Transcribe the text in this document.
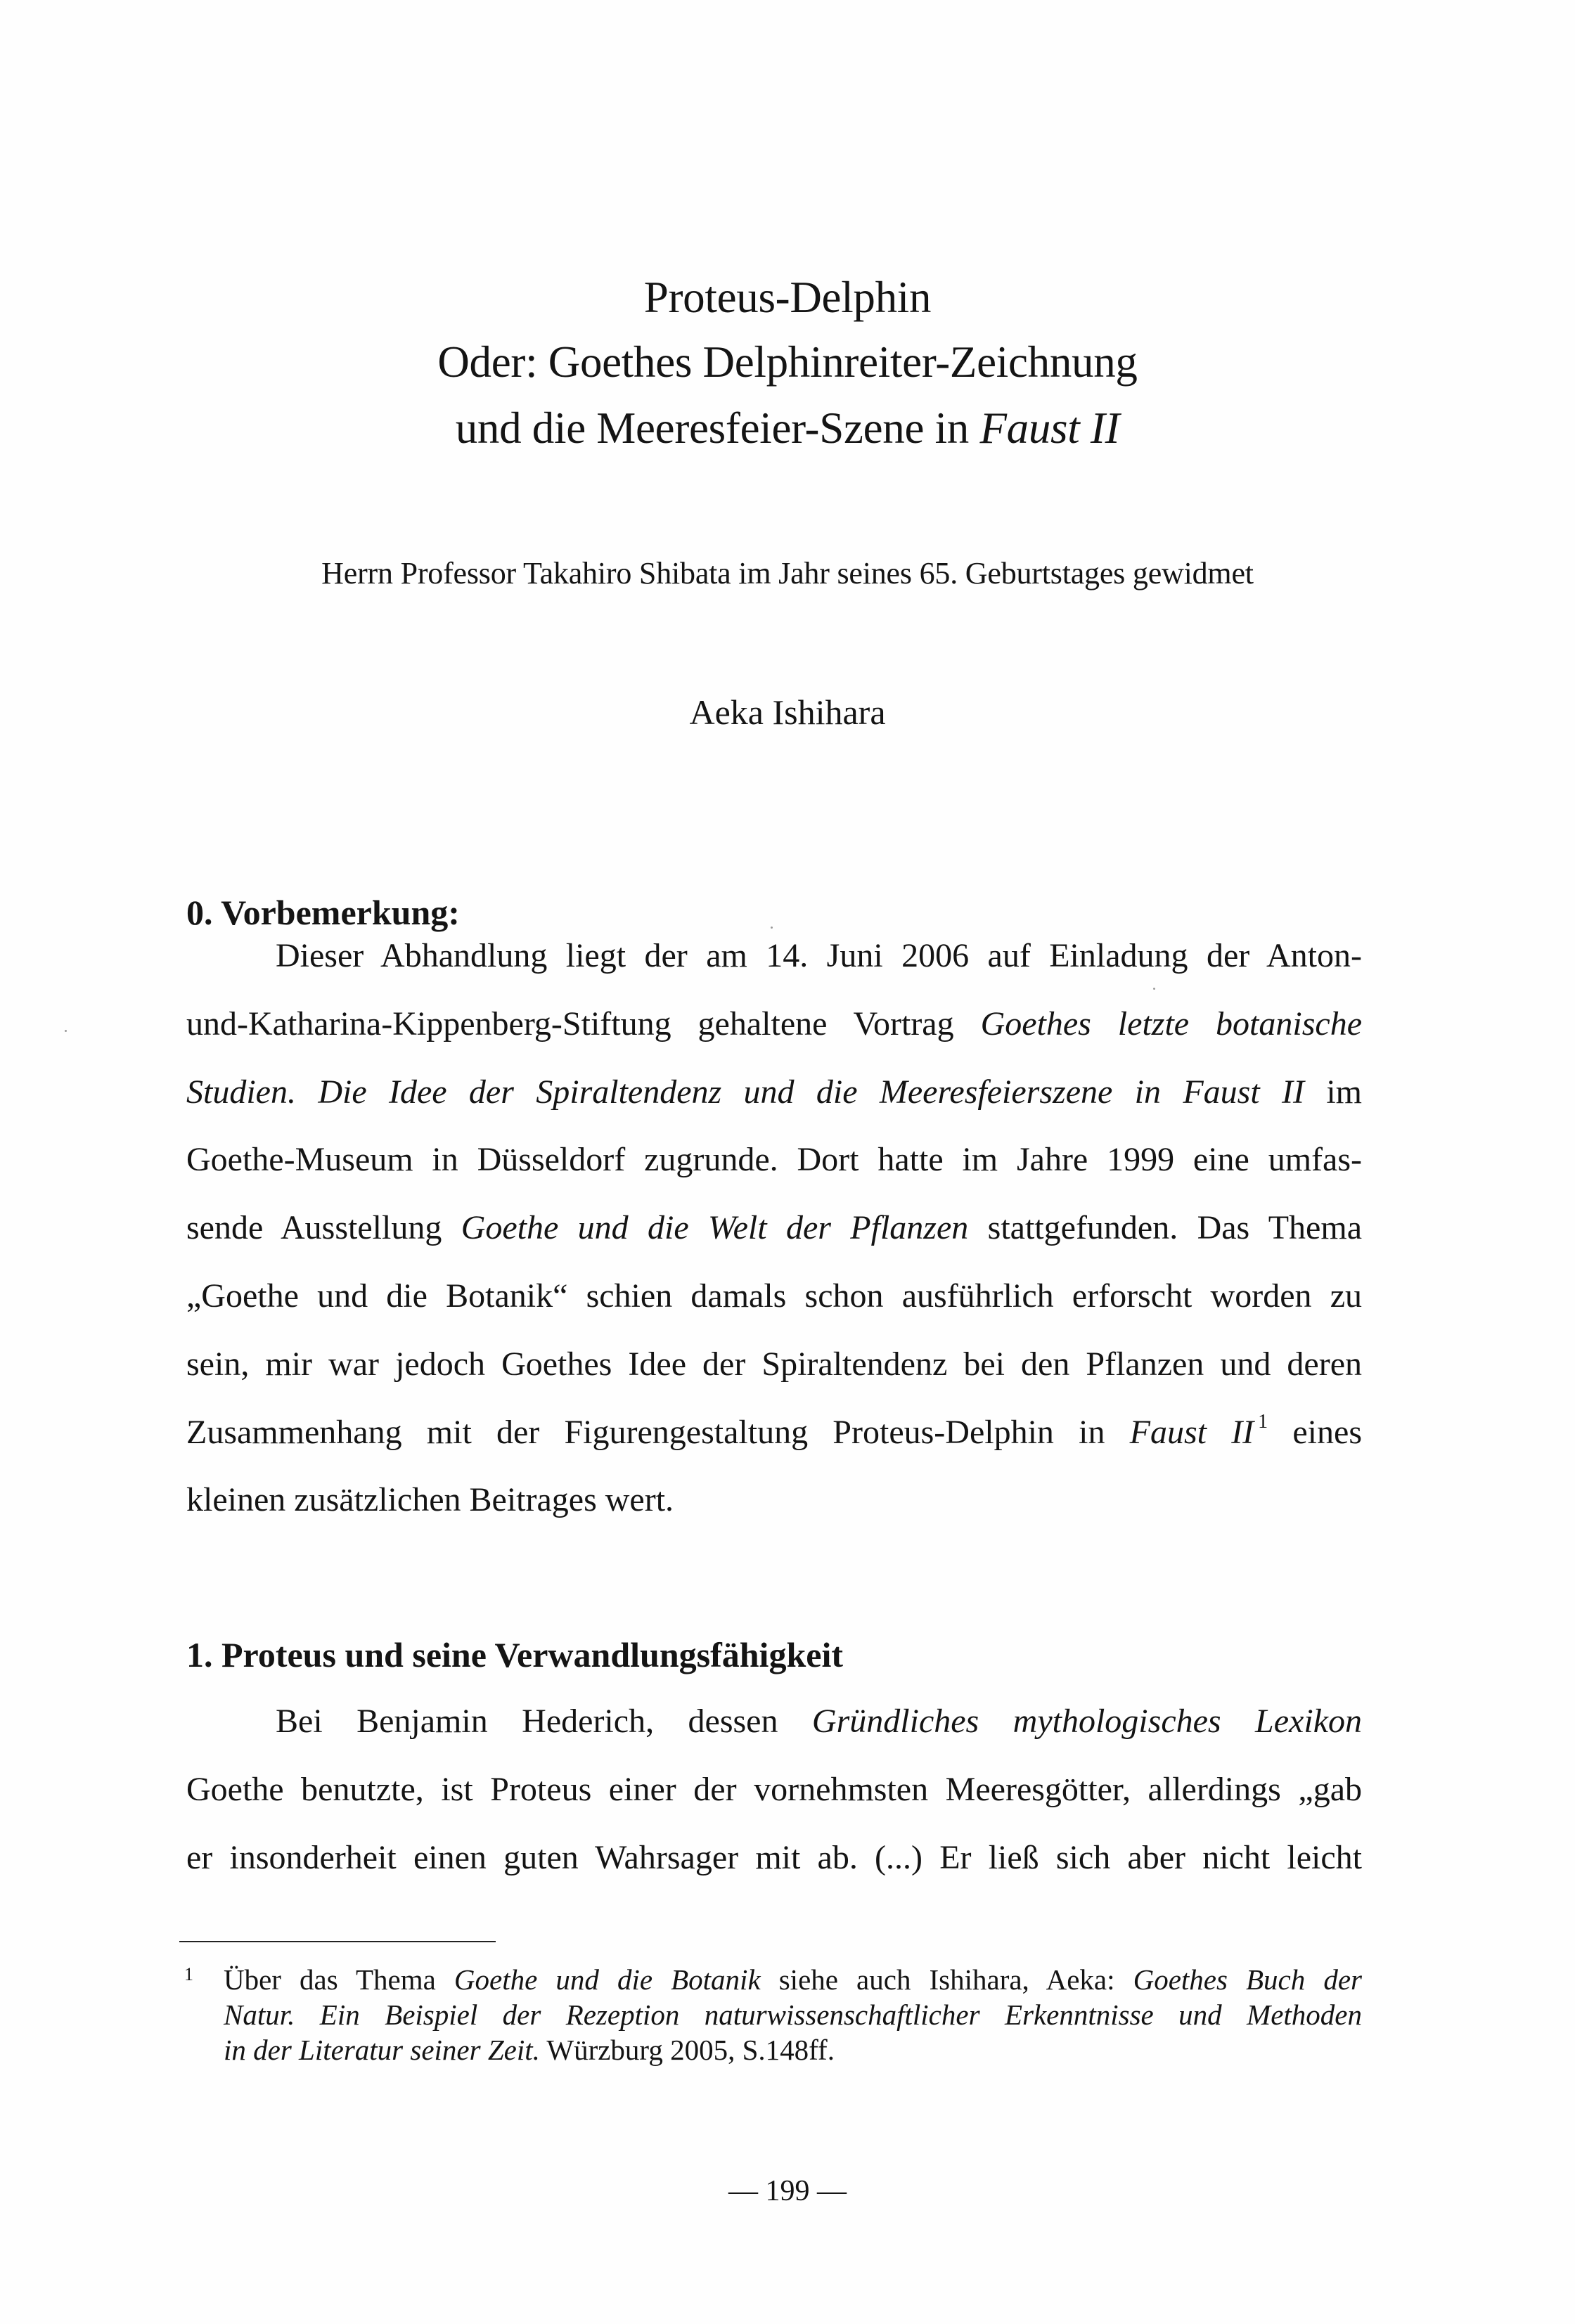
Proteus-Delphin
Oder: Goethes Delphinreiter-Zeichnung
und die Meeresfeier-Szene in Faust II
Herrn Professor Takahiro Shibata im Jahr seines 65. Geburtstages gewidmet
Aeka Ishihara
0. Vorbemerkung:
Dieser Abhandlung liegt der am 14. Juni 2006 auf Einladung der Anton-
und-Katharina-Kippenberg-Stiftung gehaltene Vortrag Goethes letzte botanische
Studien. Die Idee der Spiraltendenz und die Meeresfeierszene in Faust II im
Goethe-Museum in Düsseldorf zugrunde. Dort hatte im Jahre 1999 eine umfas-
sende Ausstellung Goethe und die Welt der Pflanzen stattgefunden. Das Thema
„Goethe und die Botanik“ schien damals schon ausführlich erforscht worden zu
sein, mir war jedoch Goethes Idee der Spiraltendenz bei den Pflanzen und deren
Zusammenhang mit der Figurengestaltung Proteus-Delphin in Faust II $^1$ eines
kleinen zusätzlichen Beitrages wert.
1. Proteus und seine Verwandlungsfähigkeit
Bei Benjamin Hederich, dessen Gründliches mythologisches Lexikon
Goethe benutzte, ist Proteus einer der vornehmsten Meeresgötter, allerdings „gab
er insonderheit einen guten Wahrsager mit ab. (...) Er ließ sich aber nicht leicht
1 Über das Thema Goethe und die Botanik siehe auch Ishihara, Aeka: Goethes Buch der
Natur. Ein Beispiel der Rezeption naturwissenschaftlicher Erkenntnisse und Methoden
in der Literatur seiner Zeit. Würzburg 2005, S.148ff.
— 199 —
